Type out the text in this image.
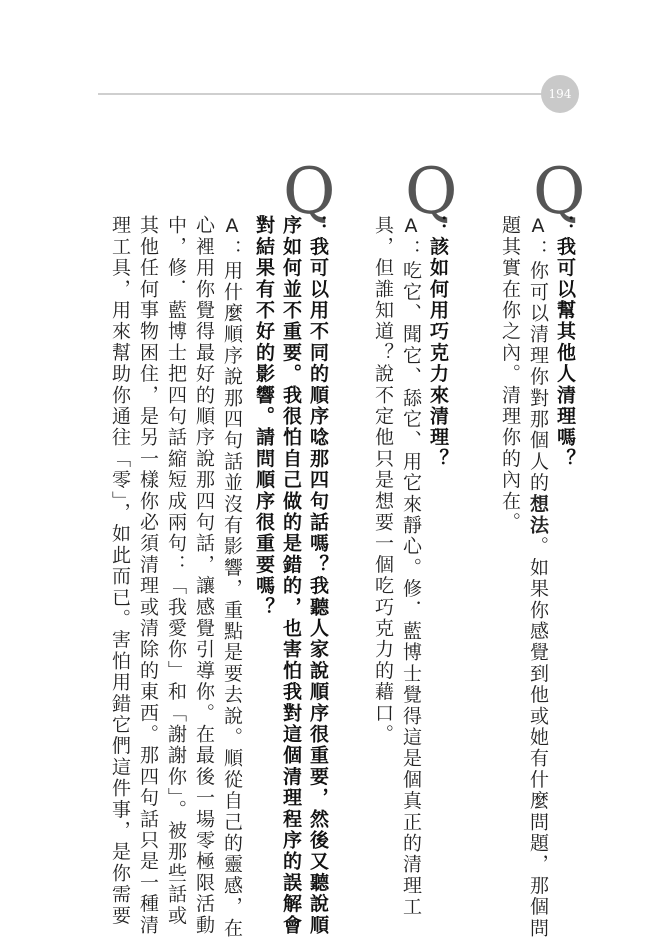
194
Q
：我可以幫其他人清理嗎？
A：你可以清理你對那個人的想法。如果你感覺到他或她有什麼問題，那個問
題其實在你之內。清理你的內在。
Q
：該如何用巧克力來清理？
A：吃它、聞它、舔它、用它來靜心。修．藍博士覺得這是個真正的清理工
具，但誰知道？說不定他只是想要一個吃巧克力的藉口。
Q
：我可以用不同的順序唸那四句話嗎？我聽人家說順序很重要，然後又聽說順
序如何並不重要。我很怕自己做的是錯的，也害怕我對這個清理程序的誤解會
對結果有不好的影響。請問順序很重要嗎？
A：用什麼順序說那四句話並沒有影響，重點是要去說。順從自己的靈感，在
心裡用你覺得最好的順序說那四句話，讓感覺引導你。在最後一場零極限活動
中，修．藍博士把四句話縮短成兩句：「我愛你」和「謝謝你」。被那些話或
其他任何事物困住，是另一樣你必須清理或清除的東西。那四句話只是一種清
理工具，用來幫助你通往「零」，如此而已。害怕用錯它們這件事，是你需要
